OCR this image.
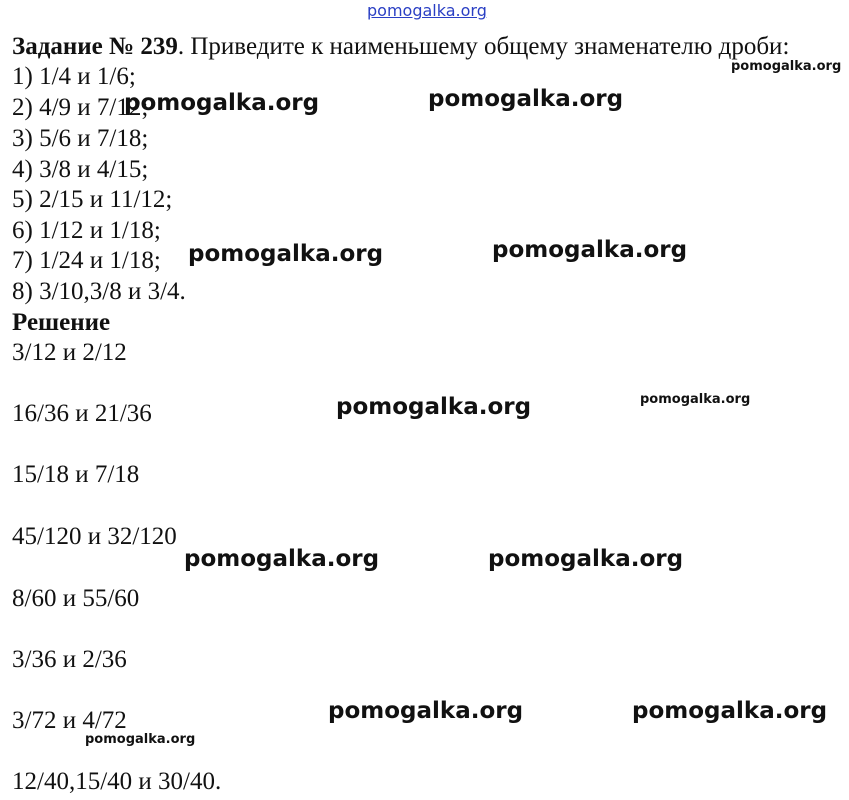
pomogalka.org
Задание № 239. Приведите к наименьшему общему знаменателю дроби:
1) 1/4 и 1/6;
2) 4/9 и 7/12;
3) 5/6 и 7/18;
4) 3/8 и 4/15;
5) 2/15 и 11/12;
6) 1/12 и 1/18;
7) 1/24 и 1/18;
8) 3/10,3/8 и 3/4.
Решение
3/12 и 2/12
16/36 и 21/36
15/18 и 7/18
45/120 и 32/120
8/60 и 55/60
3/36 и 2/36
3/72 и 4/72
12/40,15/40 и 30/40.
pomogalka.org
pomogalka.org	pomogalka.org
pomogalka.org	pomogalka.org
pomogalka.org	pomogalka.org
pomogalka.org	pomogalka.org
pomogalka.org	pomogalka.org
pomogalka.org
